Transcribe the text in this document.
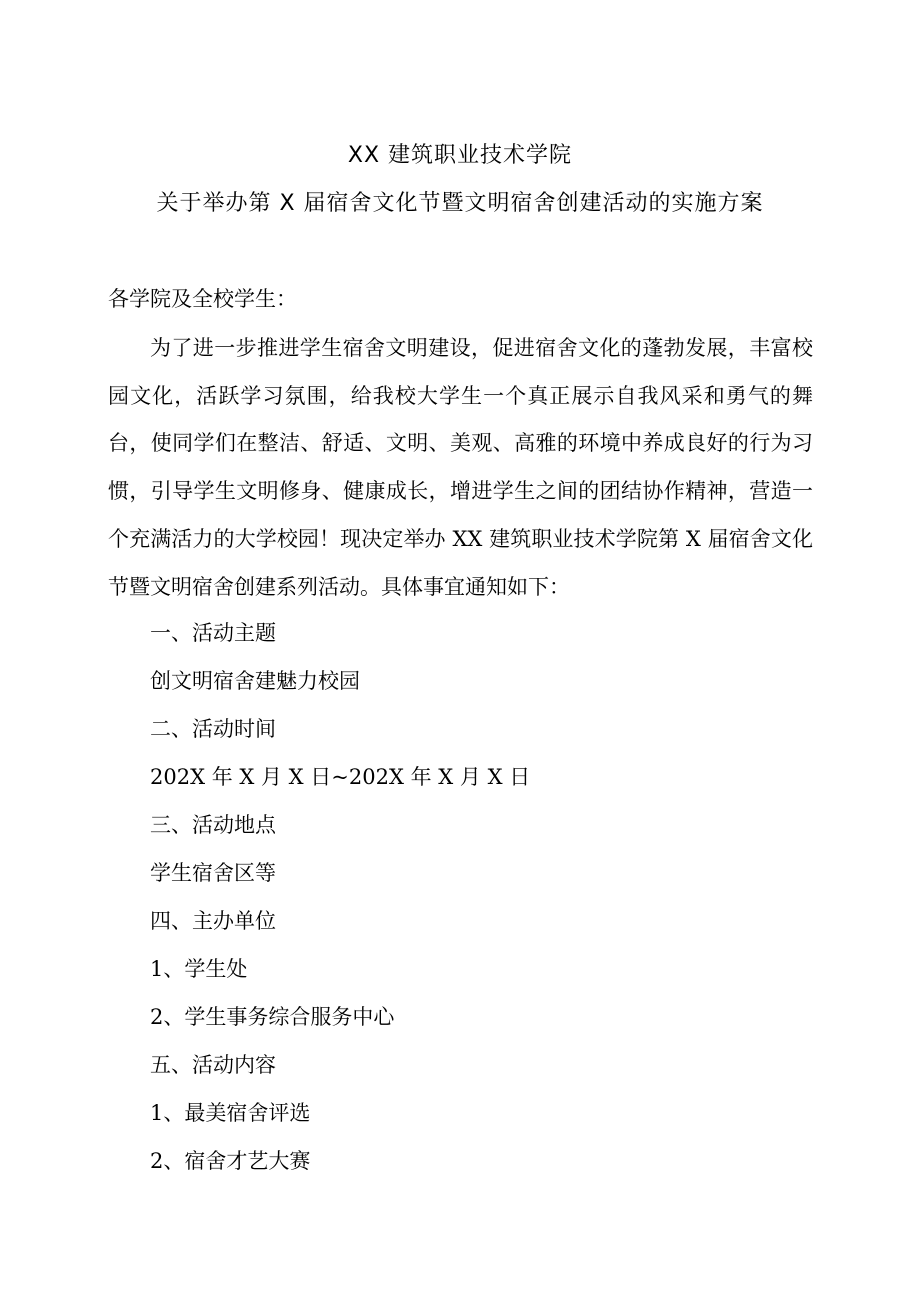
XX 建筑职业技术学院
关于举办第 X 届宿舍文化节暨文明宿舍创建活动的实施方案
各学院及全校学生：
为了进一步推进学生宿舍文明建设，促进宿舍文化的蓬勃发展，丰富校园文化，活跃学习氛围，给我校大学生一个真正展示自我风采和勇气的舞台，使同学们在整洁、舒适、文明、美观、高雅的环境中养成良好的行为习惯，引导学生文明修身、健康成长，增进学生之间的团结协作精神，营造一个充满活力的大学校园！现决定举办 XX 建筑职业技术学院第 X 届宿舍文化节暨文明宿舍创建系列活动。具体事宜通知如下：
一、活动主题
创文明宿舍建魅力校园
二、活动时间
202X 年 X 月 X 日~202X 年 X 月 X 日
三、活动地点
学生宿舍区等
四、主办单位
1、学生处
2、学生事务综合服务中心
五、活动内容
1、最美宿舍评选
2、宿舍才艺大赛
